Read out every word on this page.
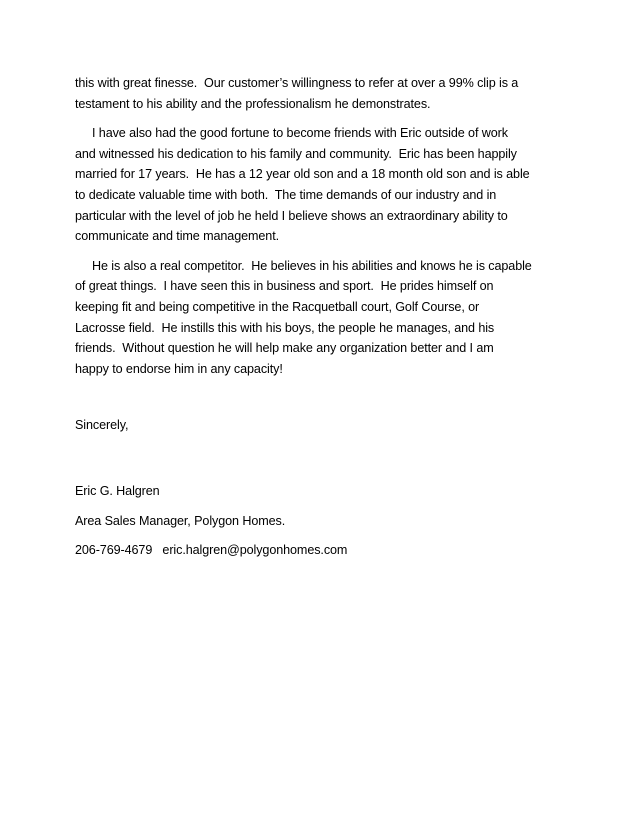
this with great finesse.  Our customer’s willingness to refer at over a 99% clip is a
testament to his ability and the professionalism he demonstrates.
I have also had the good fortune to become friends with Eric outside of work
and witnessed his dedication to his family and community.  Eric has been happily
married for 17 years.  He has a 12 year old son and a 18 month old son and is able
to dedicate valuable time with both.  The time demands of our industry and in
particular with the level of job he held I believe shows an extraordinary ability to
communicate and time management.
He is also a real competitor.  He believes in his abilities and knows he is capable
of great things.  I have seen this in business and sport.  He prides himself on
keeping fit and being competitive in the Racquetball court, Golf Course, or
Lacrosse field.  He instills this with his boys, the people he manages, and his
friends.  Without question he will help make any organization better and I am
happy to endorse him in any capacity!

Sincerely,

Eric G. Halgren

Area Sales Manager, Polygon Homes.

206-769-4679   eric.halgren@polygonhomes.com
